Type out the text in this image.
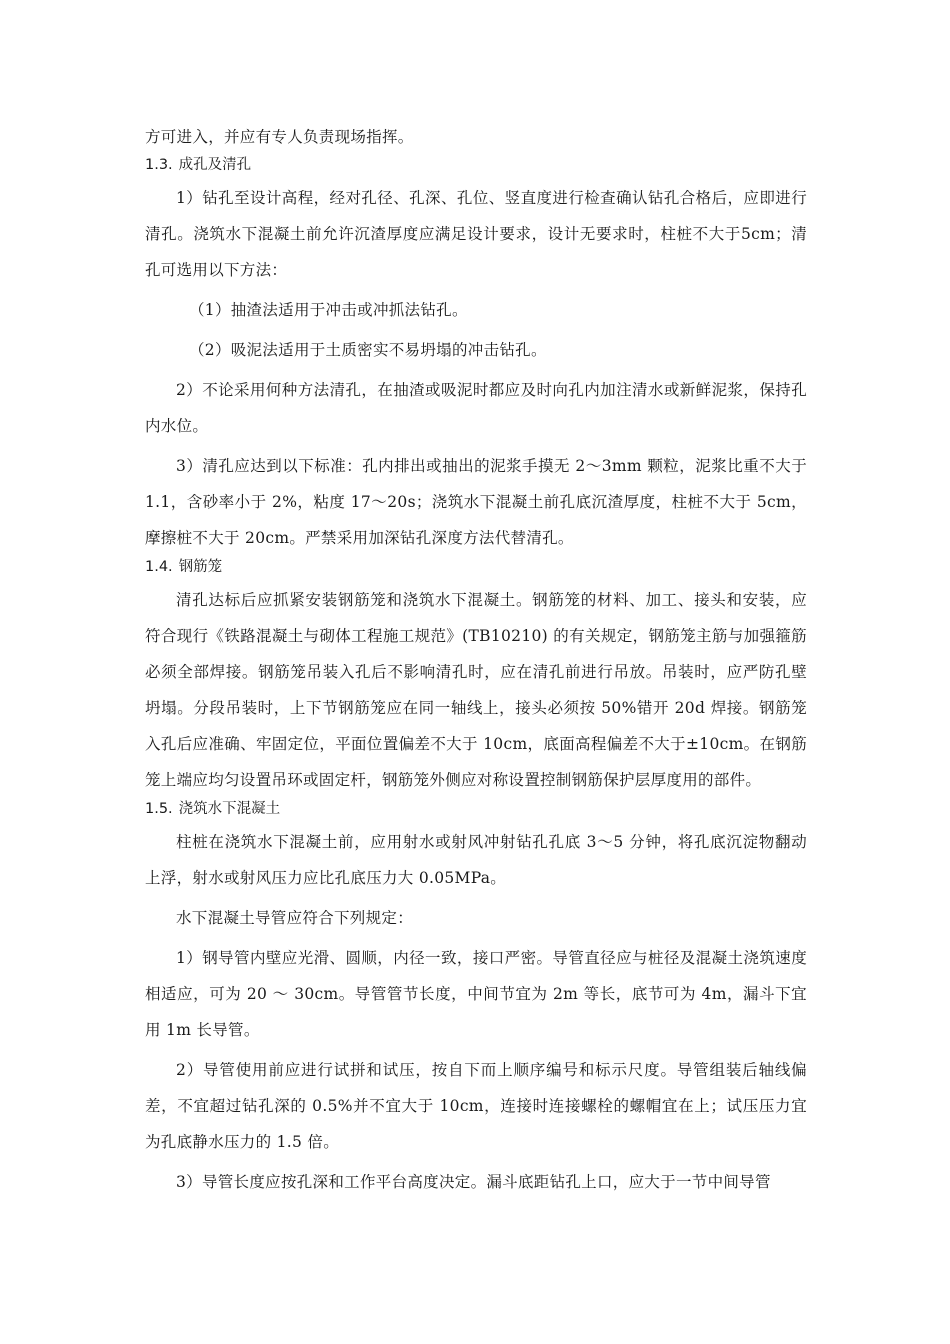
方可进入，并应有专人负责现场指挥。

1.3. 成孔及清孔

1）钻孔至设计高程，经对孔径、孔深、孔位、竖直度进行检查确认钻孔合格后，应即进行清孔。浇筑水下混凝土前允许沉渣厚度应满足设计要求，设计无要求时，柱桩不大于5cm；清孔可选用以下方法：

（1）抽渣法适用于冲击或冲抓法钻孔。

（2）吸泥法适用于土质密实不易坍塌的冲击钻孔。

2）不论采用何种方法清孔，在抽渣或吸泥时都应及时向孔内加注清水或新鲜泥浆，保持孔内水位。

3）清孔应达到以下标准：孔内排出或抽出的泥浆手摸无 2～3mm 颗粒，泥浆比重不大于 1.1，含砂率小于 2%，粘度 17～20s；浇筑水下混凝土前孔底沉渣厚度，柱桩不大于 5cm，摩擦桩不大于 20cm。严禁采用加深钻孔深度方法代替清孔。

1.4. 钢筋笼

清孔达标后应抓紧安装钢筋笼和浇筑水下混凝土。钢筋笼的材料、加工、接头和安装，应符合现行《铁路混凝土与砌体工程施工规范》(TB10210) 的有关规定，钢筋笼主筋与加强箍筋必须全部焊接。钢筋笼吊装入孔后不影响清孔时，应在清孔前进行吊放。吊装时，应严防孔壁坍塌。分段吊装时，上下节钢筋笼应在同一轴线上，接头必须按 50%错开 20d 焊接。钢筋笼入孔后应准确、牢固定位，平面位置偏差不大于 10cm，底面高程偏差不大于±10cm。在钢筋笼上端应均匀设置吊环或固定杆，钢筋笼外侧应对称设置控制钢筋保护层厚度用的部件。

1.5. 浇筑水下混凝土

柱桩在浇筑水下混凝土前，应用射水或射风冲射钻孔孔底 3～5 分钟，将孔底沉淀物翻动上浮，射水或射风压力应比孔底压力大 0.05MPa。

水下混凝土导管应符合下列规定：

1）钢导管内壁应光滑、圆顺，内径一致，接口严密。导管直径应与桩径及混凝土浇筑速度相适应，可为 20 ～ 30cm。导管管节长度，中间节宜为 2m 等长，底节可为 4m，漏斗下宜用 1m 长导管。

2）导管使用前应进行试拼和试压，按自下而上顺序编号和标示尺度。导管组装后轴线偏差，不宜超过钻孔深的 0.5%并不宜大于 10cm，连接时连接螺栓的螺帽宜在上；试压压力宜为孔底静水压力的 1.5 倍。

3）导管长度应按孔深和工作平台高度决定。漏斗底距钻孔上口，应大于一节中间导管
